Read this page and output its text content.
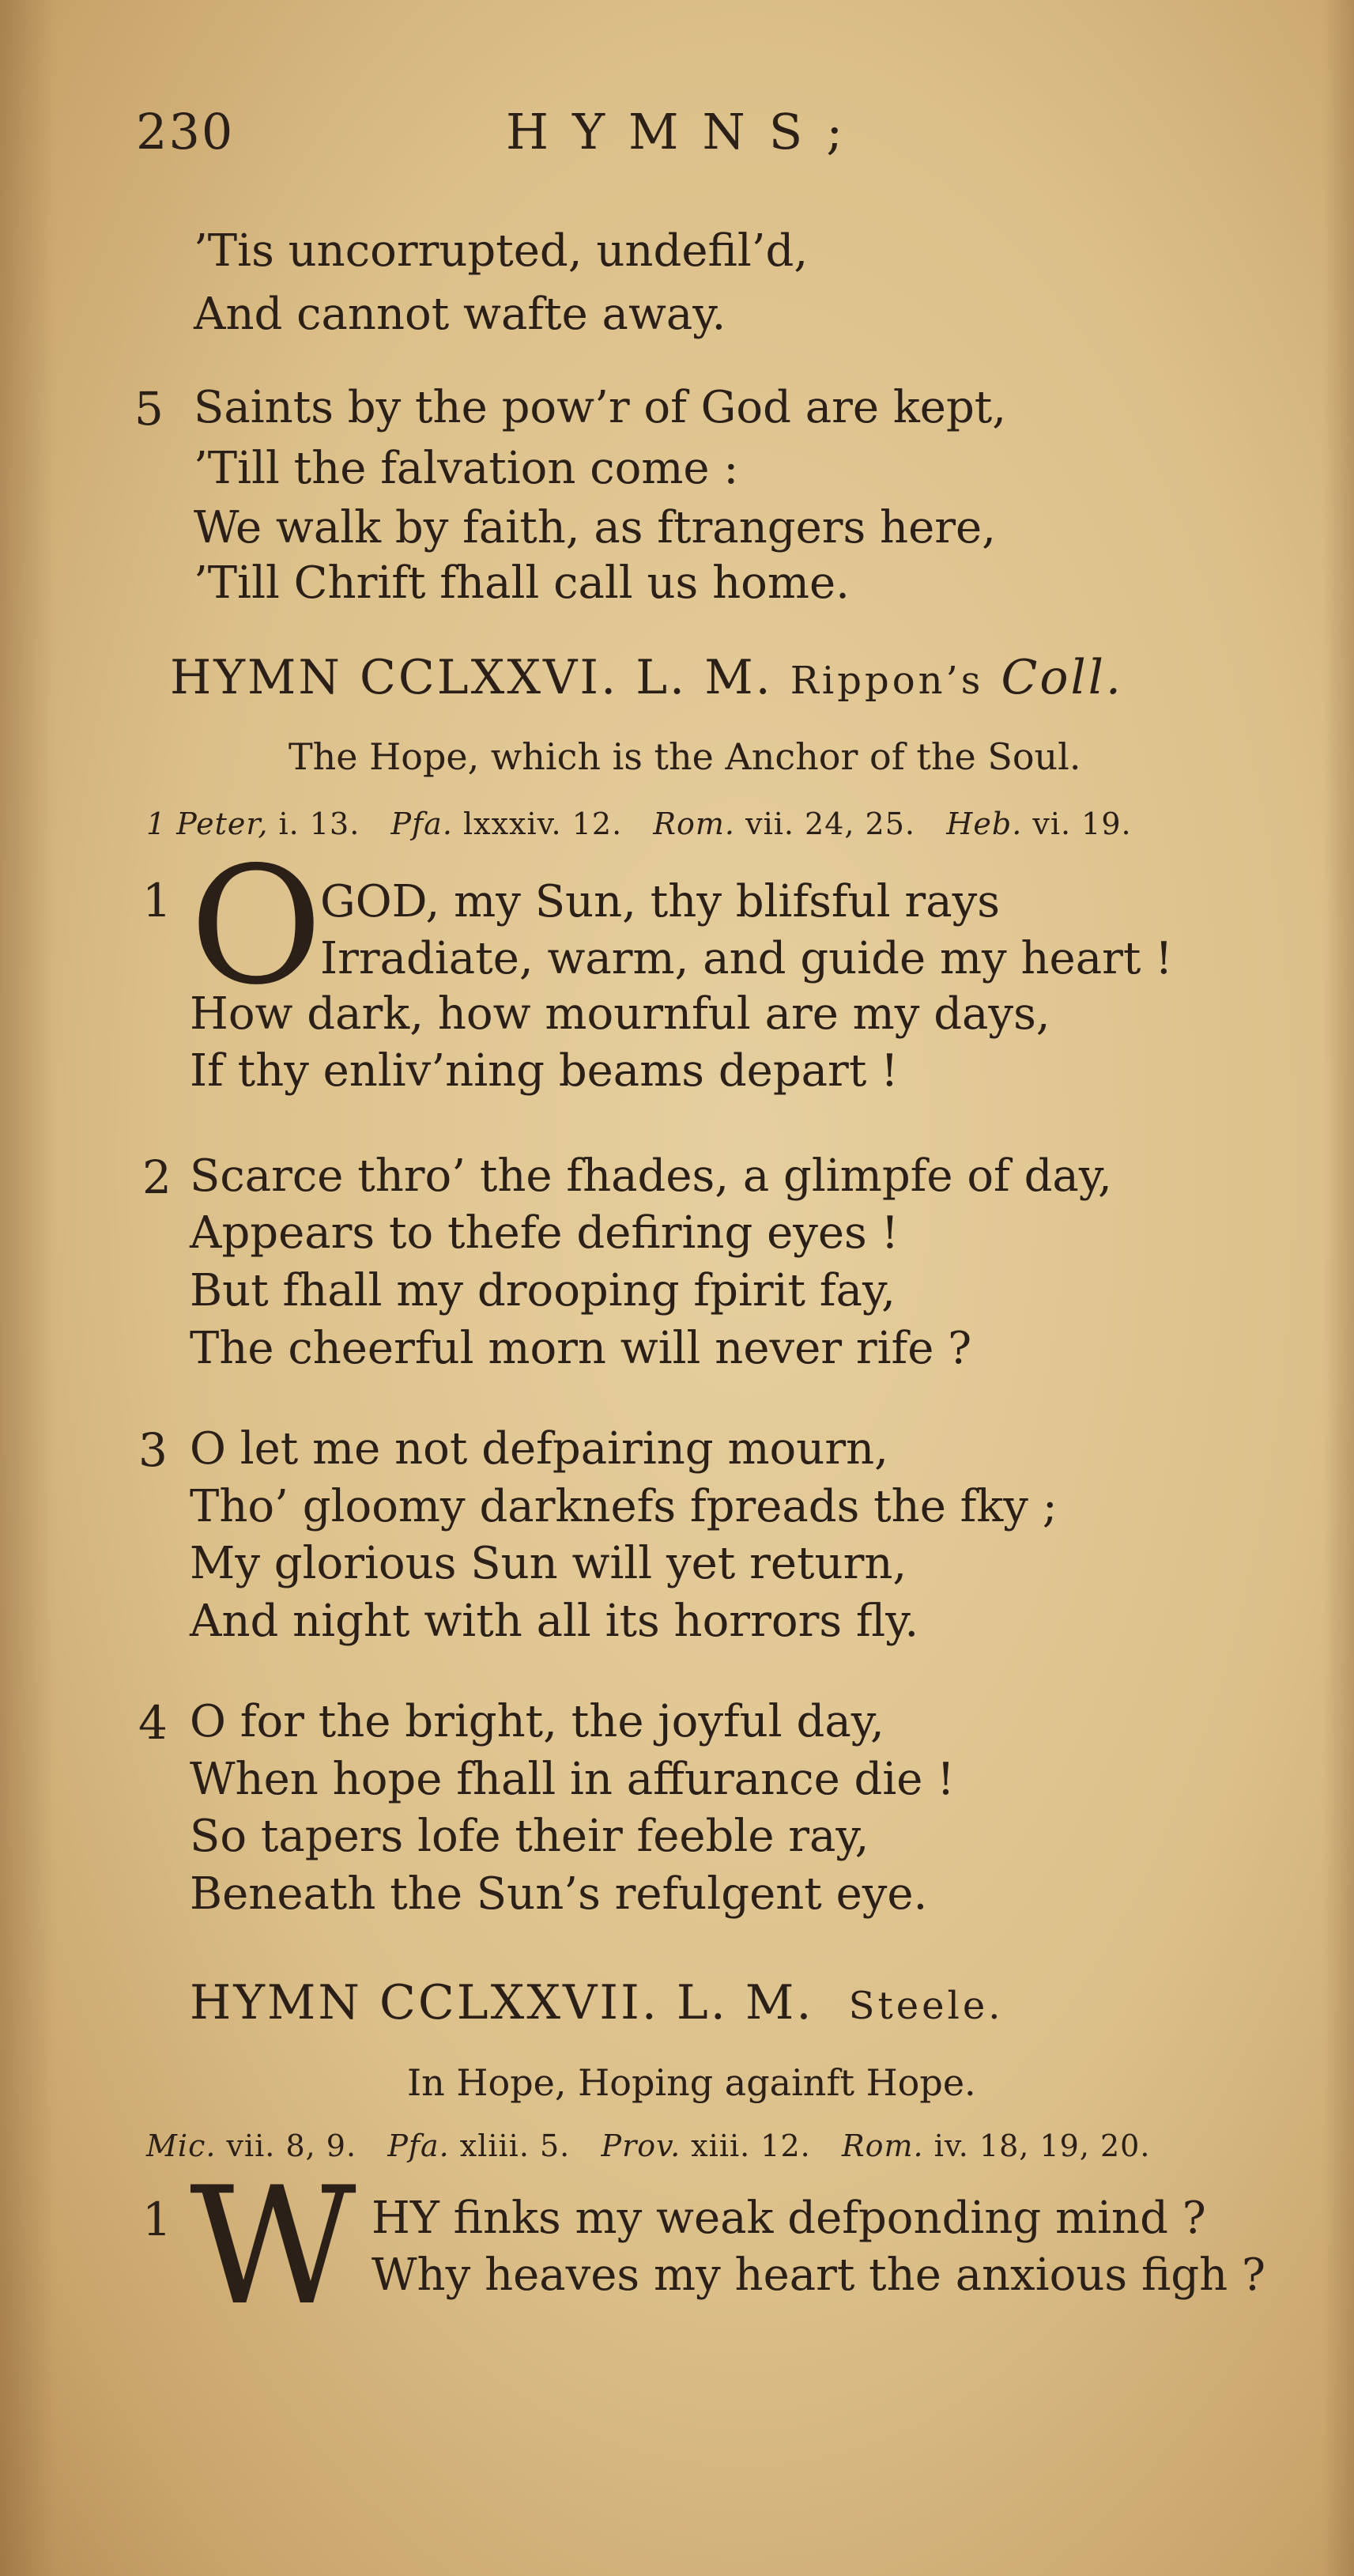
230	HYMNS;
’Tis uncorrupted, undefil’d,
And cannot wafte away.
5 Saints by the pow’r of God are kept,
’Till the falvation come :
We walk by faith, as ftrangers here,
’Till Chrift fhall call us home.
HYMN CCLXXVI. L. M. Rippon’s Coll.
The Hope, which is the Anchor of the Soul.
1 Peter, i. 13. Pfa. lxxxiv. 12. Rom. vii. 24, 25. Heb. vi. 19.
1 O
GOD, my Sun, thy blifsful rays
Irradiate, warm, and guide my heart !
How dark, how mournful are my days,
If thy enliv’ning beams depart !
2 Scarce thro’ the fhades, a glimpfe of day,
Appears to thefe defiring eyes !
But fhall my drooping fpirit fay,
The cheerful morn will never rife ?
3 O let me not defpairing mourn,
Tho’ gloomy darknefs fpreads the fky ;
My glorious Sun will yet return,
And night with all its horrors fly.
4 O for the bright, the joyful day,
When hope fhall in affurance die !
So tapers lofe their feeble ray,
Beneath the Sun’s refulgent eye.
HYMN CCLXXVII. L. M. Steele.
In Hope, Hoping againft Hope.
Mic. vii. 8, 9. Pfa. xliii. 5. Prov. xiii. 12. Rom. iv. 18, 19, 20.
1 W HY finks my weak defponding mind ?
Why heaves my heart the anxious figh ?
